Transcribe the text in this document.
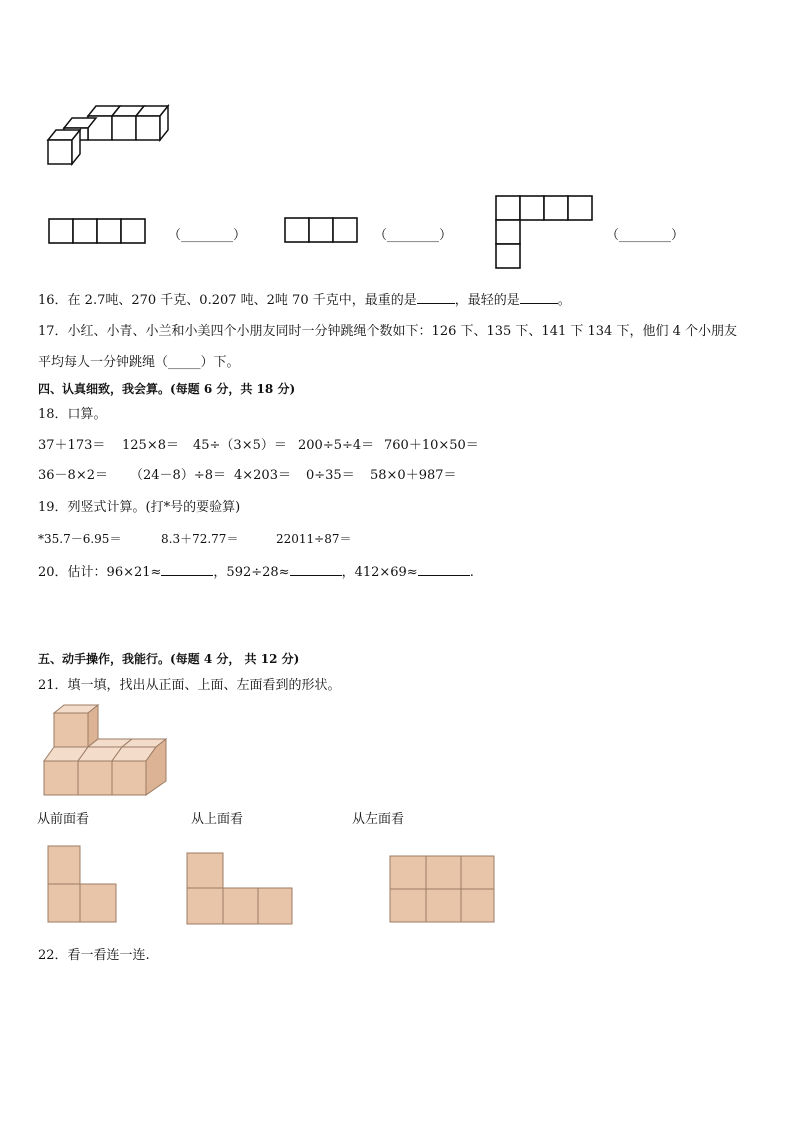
（________）	（________）	（________）
16．在 2.7吨、270 千克、0.207 吨、2吨 70 千克中，最重的是	，最轻的是	。
17．小红、小青、小兰和小美四个小朋友同时一分钟跳绳个数如下：126 下、135 下、141 下 134 下，他们 4 个小朋友
平均每人一分钟跳绳（_____）下。
四、认真细致，我会算。(每题 6 分，共 18 分)
18．口算。
37＋173＝ 125×8＝ 45÷（3×5）＝ 200÷5÷4＝ 760＋10×50＝
36－8×2＝ （24－8）÷8＝ 4×203＝ 0÷35＝ 58×0＋987＝
19．列竖式计算。(打*号的要验算)
*35.7－6.95＝	8.3＋72.77＝	22011÷87＝
20．估计：96×21≈	，592÷28≈	，412×69≈	.
五、动手操作，我能行。(每题 4 分， 共 12 分)
21．填一填，找出从正面、上面、左面看到的形状。
从前面看	从上面看	从左面看
22．看一看连一连.
